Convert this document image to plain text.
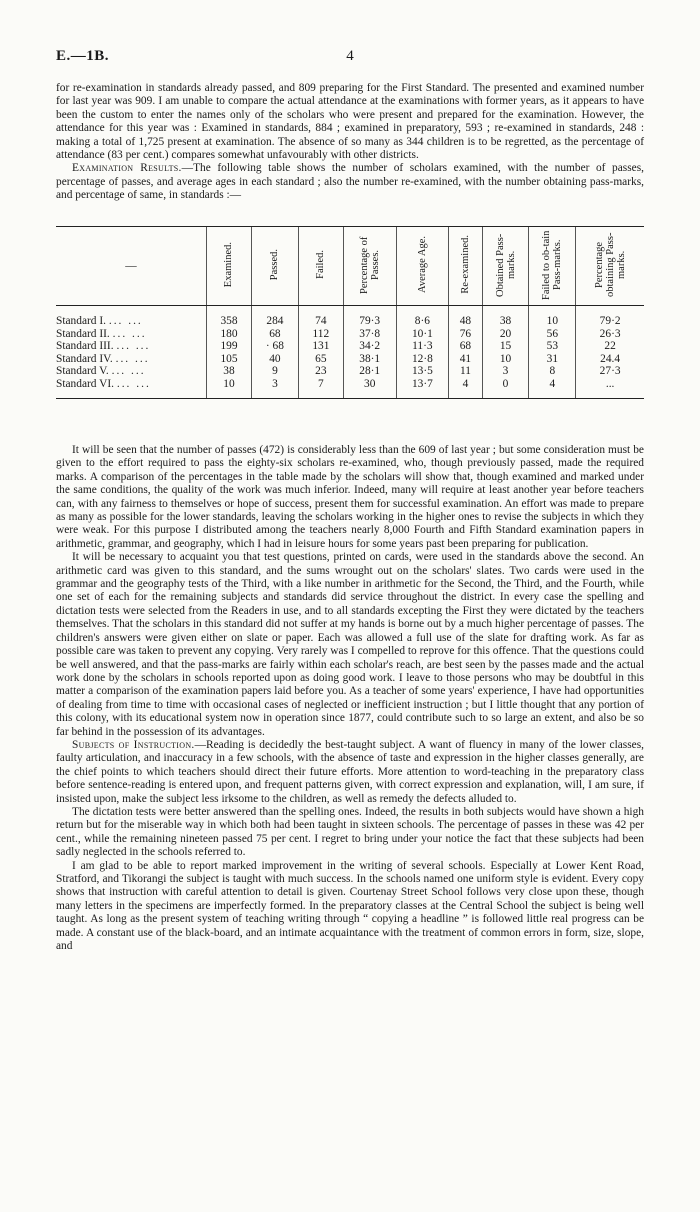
E.—1B.	4

for re-examination in standards already passed, and 809 preparing for the First Standard. The presented and examined number for last year was 909. I am unable to compare the actual attendance at the examinations with former years, as it appears to have been the custom to enter the names only of the scholars who were present and prepared for the examination. However, the attendance for this year was : Examined in standards, 884 ; examined in preparatory, 593 ; re-examined in standards, 248 : making a total of 1,725 present at examination. The absence of so many as 344 children is to be regretted, as the percentage of attendance (83 per cent.) compares somewhat unfavourably with other districts.

Examination Results.—The following table shows the number of scholars examined, with the number of passes, percentage of passes, and average ages in each standard ; also the number re-examined, with the number obtaining pass-marks, and percentage of same, in standards :—

—	Examined.	Passed.	Failed.	Percentage of Passes.	Average Age.	Re-examined.	Obtained Pass-marks.	Failed to ob-tain Pass-marks.	Percentage obtaining Pass-marks.
Standard I. ... ...	358	284	74	79·3	8·6	48	38	10	79·2
Standard II. ... ...	180	68	112	37·8	10·1	76	20	56	26·3
Standard III. ... ...	199	· 68	131	34·2	11·3	68	15	53	22
Standard IV. ... ...	105	40	65	38·1	12·8	41	10	31	24.4
Standard V. ... ...	38	9	23	28·1	13·5	11	3	8	27·3
Standard VI. ... ...	10	3	7	30	13·7	4	0	4	...

It will be seen that the number of passes (472) is considerably less than the 609 of last year ; but some consideration must be given to the effort required to pass the eighty-six scholars re-examined, who, though previously passed, made the required marks. A comparison of the percentages in the table made by the scholars will show that, though examined and marked under the same conditions, the quality of the work was much inferior. Indeed, many will require at least another year before teachers can, with any fairness to themselves or hope of success, present them for successful examination. An effort was made to prepare as many as possible for the lower standards, leaving the scholars working in the higher ones to revise the subjects in which they were weak. For this purpose I distributed among the teachers nearly 8,000 Fourth and Fifth Standard examination papers in arithmetic, grammar, and geography, which I had in leisure hours for some years past been preparing for publication.

It will be necessary to acquaint you that test questions, printed on cards, were used in the standards above the second. An arithmetic card was given to this standard, and the sums wrought out on the scholars' slates. Two cards were used in the grammar and the geography tests of the Third, with a like number in arithmetic for the Second, the Third, and the Fourth, while one set of each for the remaining subjects and standards did service throughout the district. In every case the spelling and dictation tests were selected from the Readers in use, and to all standards excepting the First they were dictated by the teachers themselves. That the scholars in this standard did not suffer at my hands is borne out by a much higher percentage of passes. The children's answers were given either on slate or paper. Each was allowed a full use of the slate for drafting work. As far as possible care was taken to prevent any copying. Very rarely was I compelled to reprove for this offence. That the questions could be well answered, and that the pass-marks are fairly within each scholar's reach, are best seen by the passes made and the actual work done by the scholars in schools reported upon as doing good work. I leave to those persons who may be doubtful in this matter a comparison of the examination papers laid before you. As a teacher of some years' experience, I have had opportunities of dealing from time to time with occasional cases of neglected or inefficient instruction ; but I little thought that any portion of this colony, with its educational system now in operation since 1877, could contribute such to so large an extent, and also be so far behind in the possession of its advantages.

Subjects of Instruction.—Reading is decidedly the best-taught subject. A want of fluency in many of the lower classes, faulty articulation, and inaccuracy in a few schools, with the absence of taste and expression in the higher classes generally, are the chief points to which teachers should direct their future efforts. More attention to word-teaching in the preparatory class before sentence-reading is entered upon, and frequent patterns given, with correct expression and explanation, will, I am sure, if insisted upon, make the subject less irksome to the children, as well as remedy the defects alluded to.

The dictation tests were better answered than the spelling ones. Indeed, the results in both subjects would have shown a high return but for the miserable way in which both had been taught in sixteen schools. The percentage of passes in these was 42 per cent., while the remaining nineteen passed 75 per cent. I regret to bring under your notice the fact that these subjects had been sadly neglected in the schools referred to.

I am glad to be able to report marked improvement in the writing of several schools. Especially at Lower Kent Road, Stratford, and Tikorangi the subject is taught with much success. In the schools named one uniform style is evident. Every copy shows that instruction with careful attention to detail is given. Courtenay Street School follows very close upon these, though many letters in the specimens are imperfectly formed. In the preparatory classes at the Central School the subject is being well taught. As long as the present system of teaching writing through “ copying a headline ” is followed little real progress can be made. A constant use of the black-board, and an intimate acquaintance with the treatment of common errors in form, size, slope, and
